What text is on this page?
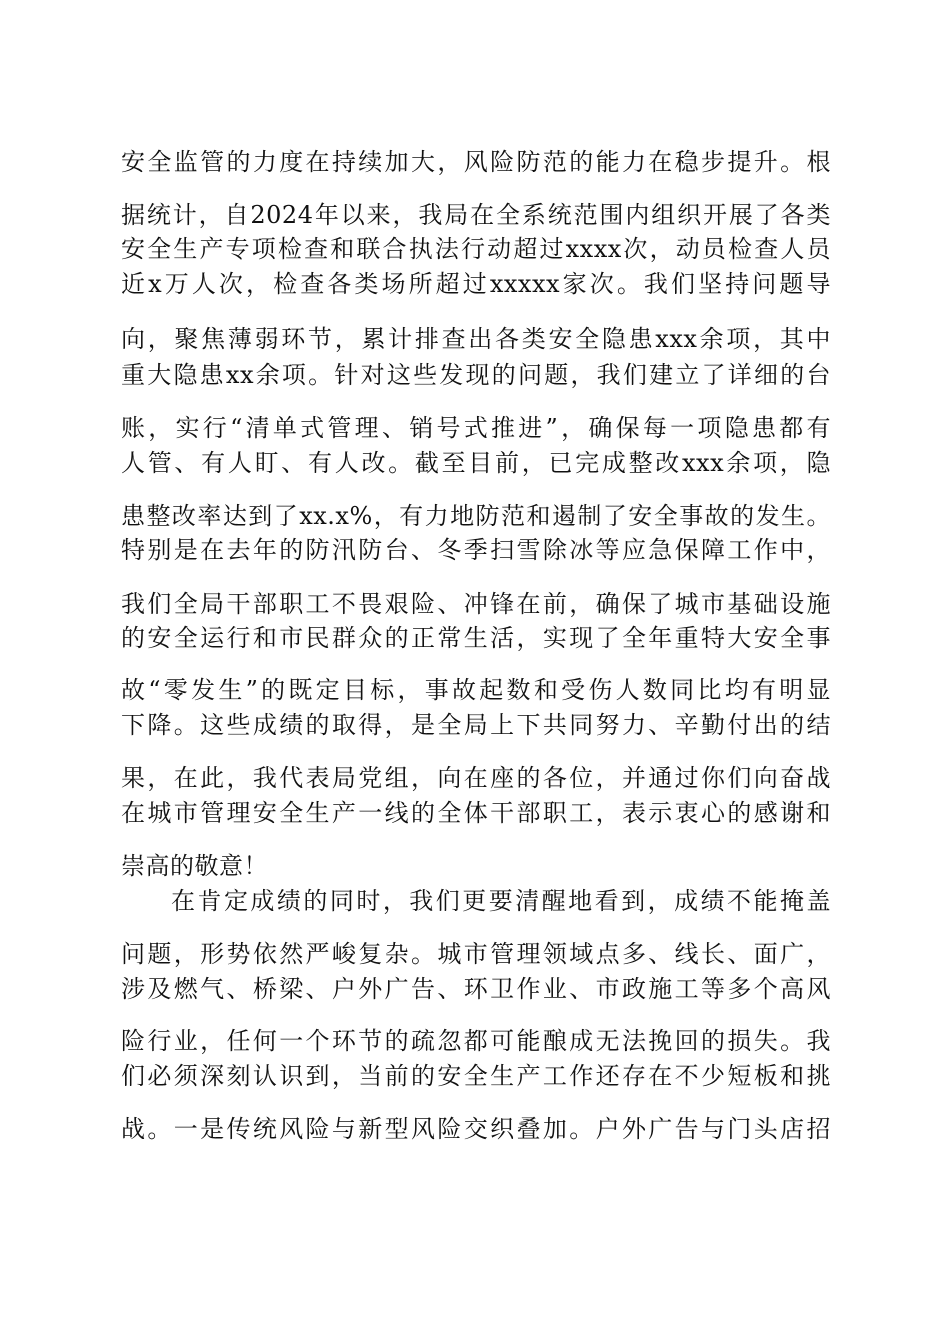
安全监管的力度在持续加大，风险防范的能力在稳步提升。根
据统计，自2024年以来，我局在全系统范围内组织开展了各类
安全生产专项检查和联合执法行动超过xxxx次，动员检查人员
近x万人次，检查各类场所超过xxxxx家次。我们坚持问题导
向，聚焦薄弱环节，累计排查出各类安全隐患xxx余项，其中
重大隐患xx余项。针对这些发现的问题，我们建立了详细的台
账，实行“清单式管理、销号式推进”，确保每一项隐患都有
人管、有人盯、有人改。截至目前，已完成整改xxx余项，隐
患整改率达到了xx.x%，有力地防范和遏制了安全事故的发生。
特别是在去年的防汛防台、冬季扫雪除冰等应急保障工作中，
我们全局干部职工不畏艰险、冲锋在前，确保了城市基础设施
的安全运行和市民群众的正常生活，实现了全年重特大安全事
故“零发生”的既定目标，事故起数和受伤人数同比均有明显
下降。这些成绩的取得，是全局上下共同努力、辛勤付出的结
果，在此，我代表局党组，向在座的各位，并通过你们向奋战
在城市管理安全生产一线的全体干部职工，表示衷心的感谢和
崇高的敬意！
在肯定成绩的同时，我们更要清醒地看到，成绩不能掩盖
问题，形势依然严峻复杂。城市管理领域点多、线长、面广，
涉及燃气、桥梁、户外广告、环卫作业、市政施工等多个高风
险行业，任何一个环节的疏忽都可能酿成无法挽回的损失。我
们必须深刻认识到，当前的安全生产工作还存在不少短板和挑
战。一是传统风险与新型风险交织叠加。户外广告与门头店招
